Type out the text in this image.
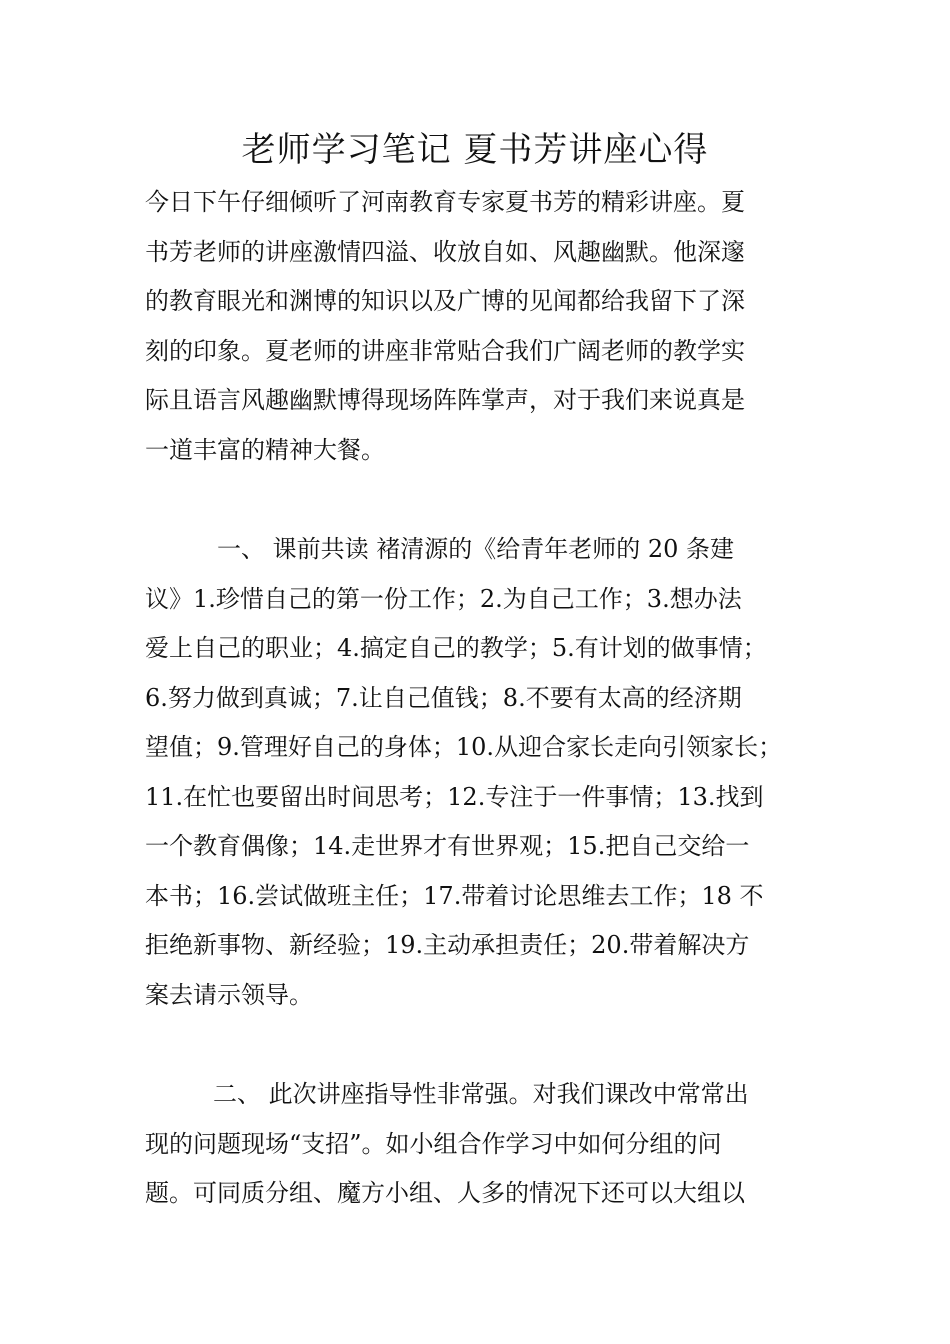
老师学习笔记 夏书芳讲座心得
今日下午仔细倾听了河南教育专家夏书芳的精彩讲座。夏
书芳老师的讲座激情四溢、收放自如、风趣幽默。他深邃
的教育眼光和渊博的知识以及广博的见闻都给我留下了深
刻的印象。夏老师的讲座非常贴合我们广阔老师的教学实
际且语言风趣幽默博得现场阵阵掌声，对于我们来说真是
一道丰富的精神大餐。
一、 课前共读 褚清源的《给青年老师的 20 条建
议》1.珍惜自己的第一份工作；2.为自己工作；3.想办法
爱上自己的职业；4.搞定自己的教学；5.有计划的做事情；
6.努力做到真诚；7.让自己值钱；8.不要有太高的经济期
望值；9.管理好自己的身体；10.从迎合家长走向引领家长；
11.在忙也要留出时间思考；12.专注于一件事情；13.找到
一个教育偶像；14.走世界才有世界观；15.把自己交给一
本书；16.尝试做班主任；17.带着讨论思维去工作；18 不
拒绝新事物、新经验；19.主动承担责任；20.带着解决方
案去请示领导。
二、 此次讲座指导性非常强。对我们课改中常常出
现的问题现场“支招”。如小组合作学习中如何分组的问
题。可同质分组、魔方小组、人多的情况下还可以大组以
